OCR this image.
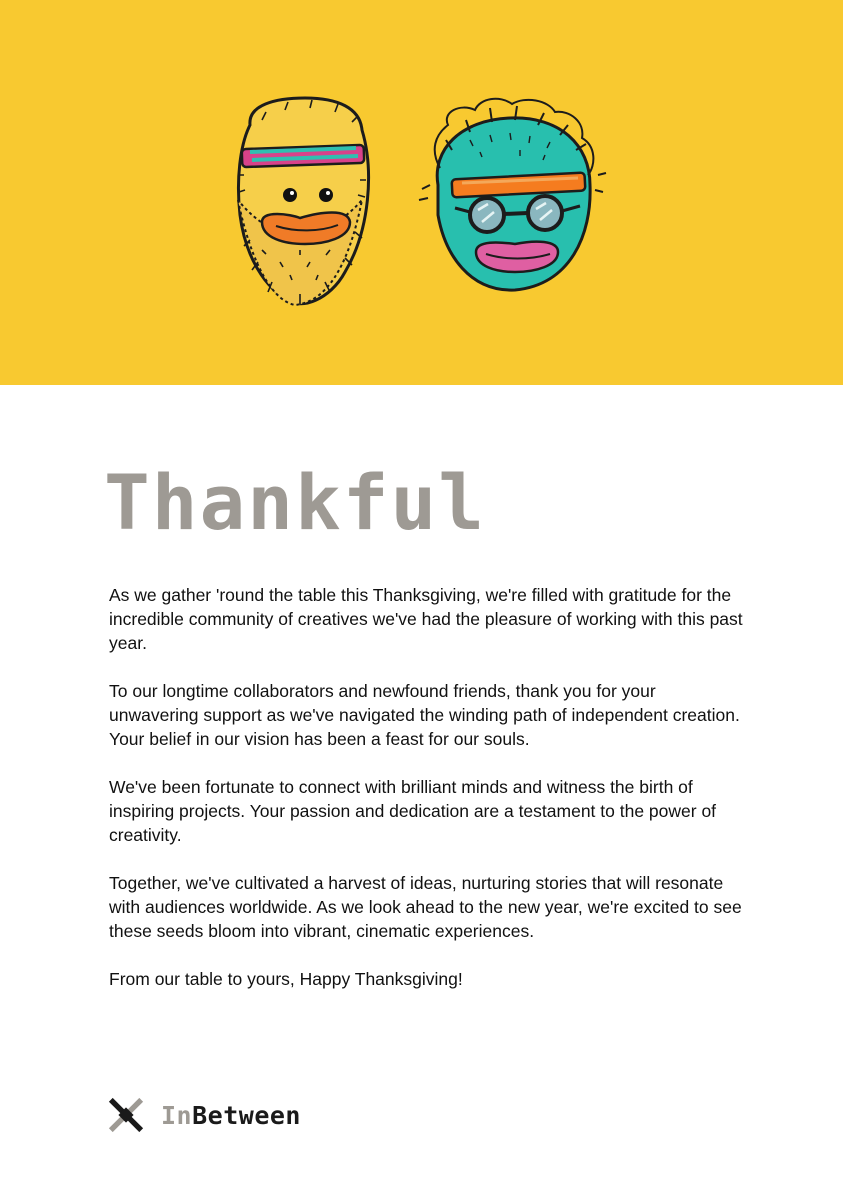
Thankful

As we gather 'round the table this Thanksgiving, we're filled with gratitude for the incredible community of creatives we've had the pleasure of working with this past year.

To our longtime collaborators and newfound friends, thank you for your unwavering support as we've navigated the winding path of independent creation. Your belief in our vision has been a feast for our souls.

We've been fortunate to connect with brilliant minds and witness the birth of inspiring projects. Your passion and dedication are a testament to the power of creativity.

Together, we've cultivated a harvest of ideas, nurturing stories that will resonate with audiences worldwide. As we look ahead to the new year, we're excited to see these seeds bloom into vibrant, cinematic experiences.

From our table to yours, Happy Thanksgiving!

InBetween
